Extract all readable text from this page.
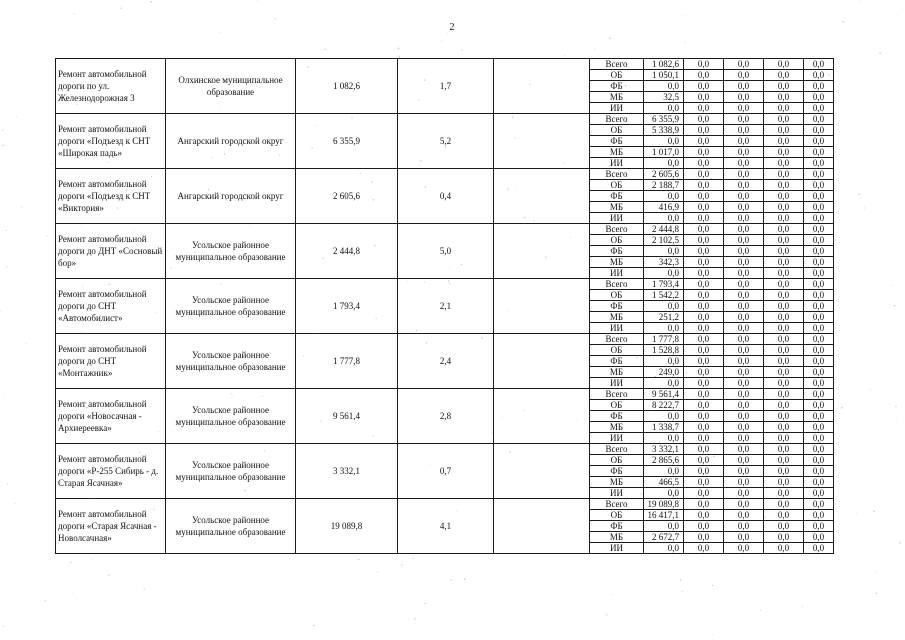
2
Ремонт автомобильной дороги по ул. Железнодорожная 3	Олхинское муниципальное образование	1 082,6	1,7		Всего	1 082,6	0,0	0,0	0,0	0,0	
					ОБ	1 050,1	0,0	0,0	0,0	0,0	
					ФБ	0,0	0,0	0,0	0,0	0,0	
					МБ	32,5	0,0	0,0	0,0	0,0	
					ИИ	0,0	0,0	0,0	0,0	0,0	
Ремонт автомобильной дороги «Подъезд к СНТ «Широкая падь»	Ангарский городской округ	6 355,9	5,2		Всего	6 355,9	0,0	0,0	0,0	0,0	
					ОБ	5 338,9	0,0	0,0	0,0	0,0	
					ФБ	0,0	0,0	0,0	0,0	0,0	
					МБ	1 017,0	0,0	0,0	0,0	0,0	
					ИИ	0,0	0,0	0,0	0,0	0,0	
Ремонт автомобильной дороги «Подъезд к СНТ «Виктория»	Ангарский городской округ	2 605,6	0,4		Всего	2 605,6	0,0	0,0	0,0	0,0	
					ОБ	2 188,7	0,0	0,0	0,0	0,0	
					ФБ	0,0	0,0	0,0	0,0	0,0	
					МБ	416,9	0,0	0,0	0,0	0,0	
					ИИ	0,0	0,0	0,0	0,0	0,0	
Ремонт автомобильной дороги до ДНТ «Сосновый бор»	Усольское районное муниципальное образование	2 444,8	5,0		Всего	2 444,8	0,0	0,0	0,0	0,0	
					ОБ	2 102,5	0,0	0,0	0,0	0,0	
					ФБ	0,0	0,0	0,0	0,0	0,0	
					МБ	342,3	0,0	0,0	0,0	0,0	
					ИИ	0,0	0,0	0,0	0,0	0,0	
Ремонт автомобильной дороги до СНТ «Автомобилист»	Усольское районное муниципальное образование	1 793,4	2,1		Всего	1 793,4	0,0	0,0	0,0	0,0	
					ОБ	1 542,2	0,0	0,0	0,0	0,0	
					ФБ	0,0	0,0	0,0	0,0	0,0	
					МБ	251,2	0,0	0,0	0,0	0,0	
					ИИ	0,0	0,0	0,0	0,0	0,0	
Ремонт автомобильной дороги до СНТ «Монтажник»	Усольское районное муниципальное образование	1 777,8	2,4		Всего	1 777,8	0,0	0,0	0,0	0,0	
					ОБ	1 528,8	0,0	0,0	0,0	0,0	
					ФБ	0,0	0,0	0,0	0,0	0,0	
					МБ	249,0	0,0	0,0	0,0	0,0	
					ИИ	0,0	0,0	0,0	0,0	0,0	
Ремонт автомобильной дороги «Новосачная - Архиереевка»	Усольское районное муниципальное образование	9 561,4	2,8		Всего	9 561,4	0,0	0,0	0,0	0,0	
					ОБ	8 222,7	0,0	0,0	0,0	0,0	
					ФБ	0,0	0,0	0,0	0,0	0,0	
					МБ	1 338,7	0,0	0,0	0,0	0,0	
					ИИ	0,0	0,0	0,0	0,0	0,0	
Ремонт автомобильной дороги «Р-255 Сибирь - д. Старая Ясачная»	Усольское районное муниципальное образование	3 332,1	0,7		Всего	3 332,1	0,0	0,0	0,0	0,0	
					ОБ	2 865,6	0,0	0,0	0,0	0,0	
					ФБ	0,0	0,0	0,0	0,0	0,0	
					МБ	466,5	0,0	0,0	0,0	0,0	
					ИИ	0,0	0,0	0,0	0,0	0,0	
Ремонт автомобильной дороги «Старая Ясачная - Новолсачная»	Усольское районное муниципальное образование	19 089,8	4,1		Всего	19 089,8	0,0	0,0	0,0	0,0	
					ОБ	16 417,1	0,0	0,0	0,0	0,0	
					ФБ	0,0	0,0	0,0	0,0	0,0	
					МБ	2 672,7	0,0	0,0	0,0	0,0	
					ИИ	0,0	0,0	0,0	0,0	0,0	
